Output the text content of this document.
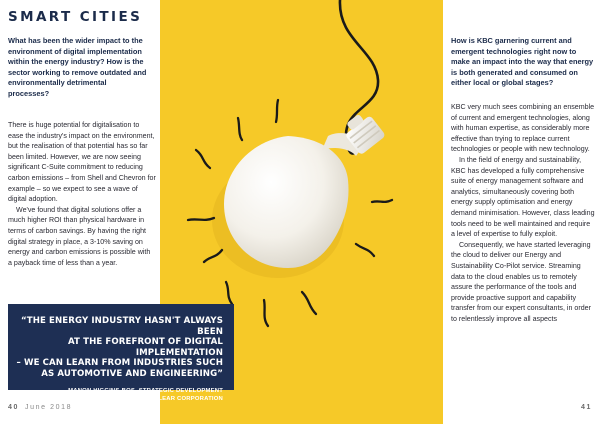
SMART CITIES
What has been the wider impact to the environment of digital implementation within the energy industry? How is the sector working to remove outdated and environmentally detrimental processes?

There is huge potential for digitalisation to ease the industry's impact on the environment, but the realisation of that potential has so far been limited. However, we are now seeing significant C-Suite commitment to reducing carbon emissions – from Shell and Chevron for example – so we expect to see a wave of digital adoption.

We've found that digital solutions offer a much higher ROI than physical hardware in terms of carbon savings. By having the right digital strategy in place, a 3-10% saving on energy and carbon emissions is possible with a payback time of less than a year.

“THE ENERGY INDUSTRY HASN'T ALWAYS BEEN
AT THE FOREFRONT OF DIGITAL IMPLEMENTATION
– WE CAN LEARN FROM INDUSTRIES SUCH
AS AUTOMOTIVE AND ENGINEERING”
- MANON HIGGINS-BOS, STRATEGIC DEVELOPMENT
MANAGER, NATIONAL NUCLEAR CORPORATION
How is KBC garnering current and emergent technologies right now to make an impact into the way that energy is both generated and consumed on either local or global stages?

KBC very much sees combining an ensemble of current and emergent technologies, along with human expertise, as considerably more effective than trying to replace current technologies or people with new technology.

In the field of energy and sustainability, KBC has developed a fully comprehensive suite of energy management software and analytics, simultaneously covering both energy supply optimisation and energy demand minimisation. However, class leading tools need to be well maintained and require a level of expertise to fully exploit.

Consequently, we have started leveraging the cloud to deliver our Energy and Sustainability Co-Pilot service. Streaming data to the cloud enables us to remotely assure the performance of the tools and provide proactive support and capability transfer from our expert consultants, in order to relentlessly improve all aspects

40 June 2018	41
